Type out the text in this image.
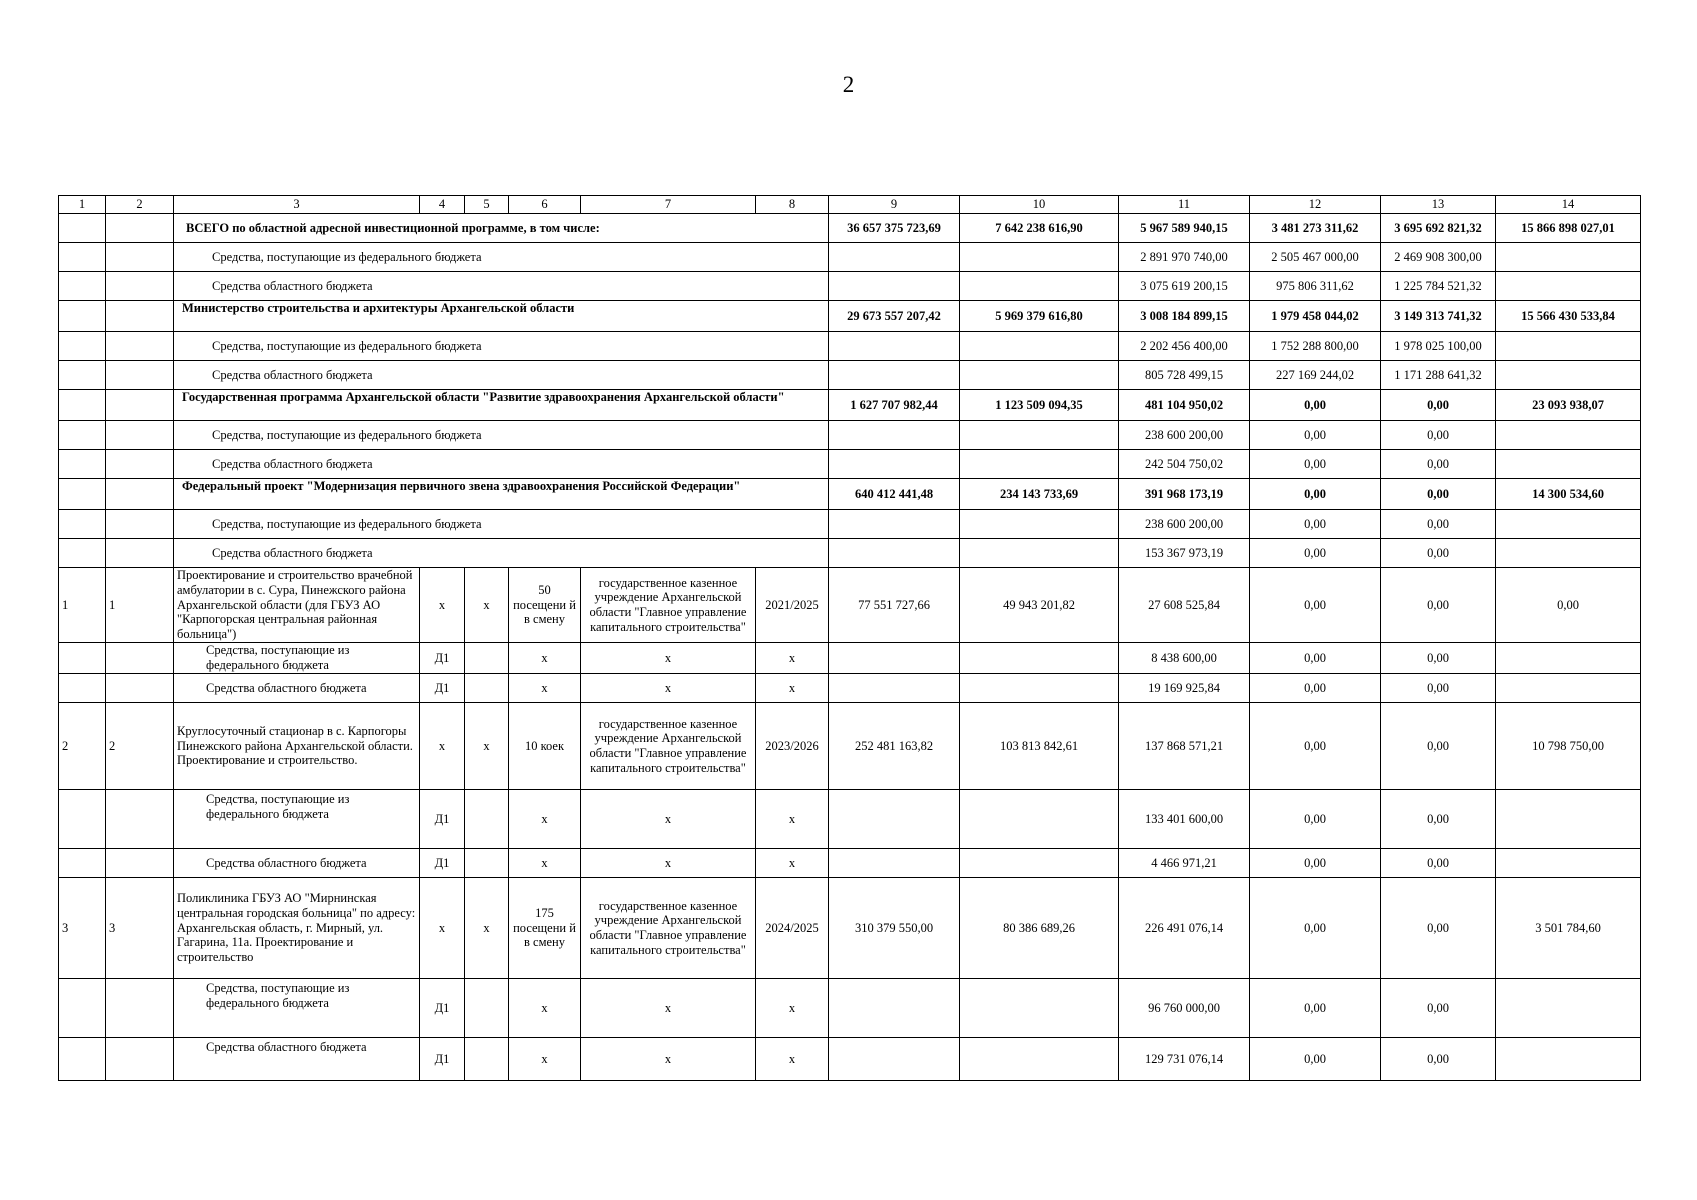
2
1	2	3	4	5	6	7	8	9	10	11	12	13	14
		ВСЕГО по областной адресной инвестиционной программе, в том числе:						36 657 375 723,69	7 642 238 616,90	5 967 589 940,15	3 481 273 311,62	3 695 692 821,32	15 866 898 027,01
		Средства, поступающие из федерального бюджета								2 891 970 740,00	2 505 467 000,00	2 469 908 300,00	
		Средства областного бюджета								3 075 619 200,15	975 806 311,62	1 225 784 521,32	
		Министерство строительства и архитектуры Архангельской области						29 673 557 207,42	5 969 379 616,80	3 008 184 899,15	1 979 458 044,02	3 149 313 741,32	15 566 430 533,84
		Средства, поступающие из федерального бюджета								2 202 456 400,00	1 752 288 800,00	1 978 025 100,00	
		Средства областного бюджета								805 728 499,15	227 169 244,02	1 171 288 641,32	
		Государственная программа Архангельской области "Развитие здравоохранения Архангельской области"						1 627 707 982,44	1 123 509 094,35	481 104 950,02	0,00	0,00	23 093 938,07
		Средства, поступающие из федерального бюджета								238 600 200,00	0,00	0,00	
		Средства областного бюджета								242 504 750,02	0,00	0,00	
		Федеральный проект "Модернизация первичного звена здравоохранения Российской Федерации"						640 412 441,48	234 143 733,69	391 968 173,19	0,00	0,00	14 300 534,60
		Средства, поступающие из федерального бюджета								238 600 200,00	0,00	0,00	
		Средства областного бюджета								153 367 973,19	0,00	0,00	
1	1	Проектирование и строительство врачебной амбулатории в с. Сура, Пинежского района Архангельской области (для ГБУЗ АО "Карпогорская центральная районная больница")	х	х	50 посещени й в смену	государственное казенное учреждение Архангельской области "Главное управление капитального строительства"	2021/2025	77 551 727,66	49 943 201,82	27 608 525,84	0,00	0,00	0,00
		Средства, поступающие из федерального бюджета	Д1		х	х	х			8 438 600,00	0,00	0,00	
		Средства областного бюджета	Д1		х	х	х			19 169 925,84	0,00	0,00	
2	2	Круглосуточный стационар в с. Карпогоры Пинежского района Архангельской области. Проектирование и строительство.	х	х	10 коек	государственное казенное учреждение Архангельской области "Главное управление капитального строительства"	2023/2026	252 481 163,82	103 813 842,61	137 868 571,21	0,00	0,00	10 798 750,00
		Средства, поступающие из федерального бюджета	Д1		х	х	х			133 401 600,00	0,00	0,00	
		Средства областного бюджета	Д1		х	х	х			4 466 971,21	0,00	0,00	
3	3	Поликлиника ГБУЗ АО "Мирнинская центральная городская больница" по адресу: Архангельская область, г. Мирный, ул. Гагарина, 11а. Проектирование и строительство	х	х	175 посещени й в смену	государственное казенное учреждение Архангельской области "Главное управление капитального строительства"	2024/2025	310 379 550,00	80 386 689,26	226 491 076,14	0,00	0,00	3 501 784,60
		Средства, поступающие из федерального бюджета	Д1		х	х	х			96 760 000,00	0,00	0,00	
		Средства областного бюджета	Д1		х	х	х			129 731 076,14	0,00	0,00	
